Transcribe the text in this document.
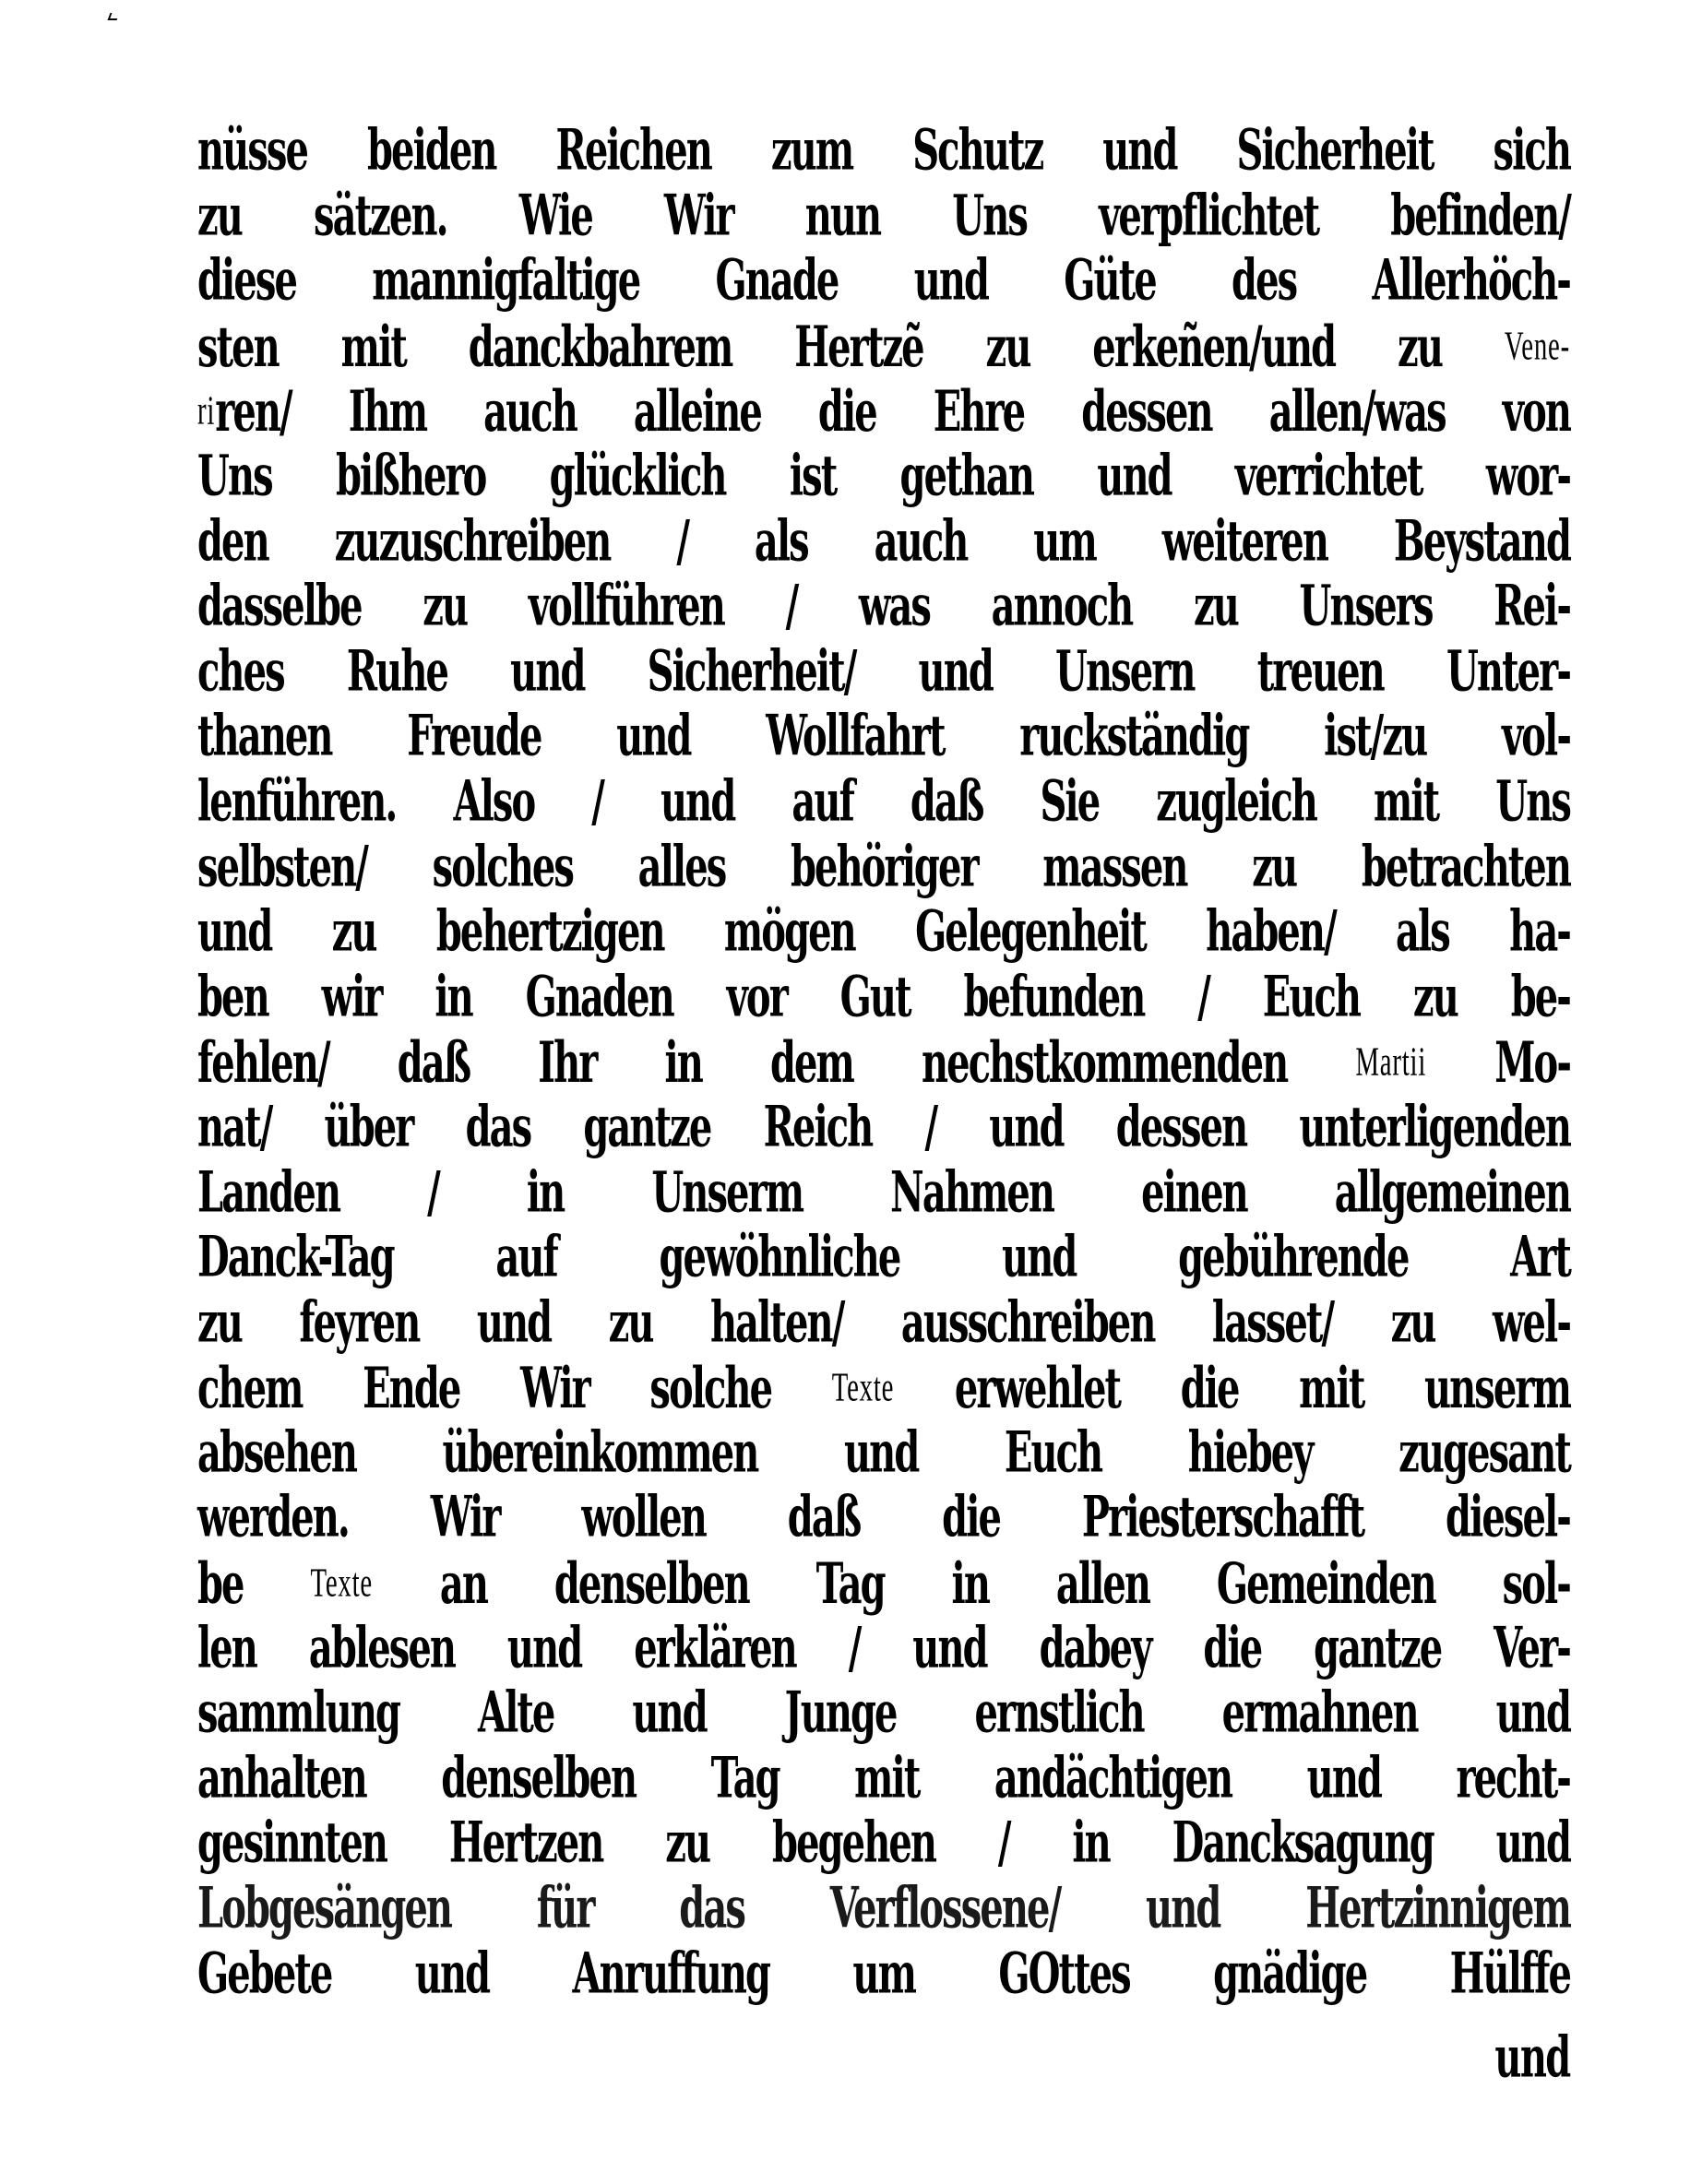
nüsse beiden Reichen zum Schutz und Sicherheit sich
zu sätzen. Wie Wir nun Uns verpflichtet befinden/
diese mannigfaltige Gnade und Güte des Allerhöch-
sten mit danckbahrem Hertzẽ zu erkeñen/und zu Vene-
riren/ Ihm auch alleine die Ehre dessen allen/was von
Uns bißhero glücklich ist gethan und verrichtet wor-
den zuzuschreiben / als auch um weiteren Beystand
dasselbe zu vollführen / was annoch zu Unsers Rei-
ches Ruhe und Sicherheit/ und Unsern treuen Unter-
thanen Freude und Wollfahrt ruckständig ist/zu vol-
lenführen. Also / und auf daß Sie zugleich mit Uns
selbsten/ solches alles behöriger massen zu betrachten
und zu behertzigen mögen Gelegenheit haben/ als ha-
ben wir in Gnaden vor Gut befunden / Euch zu be-
fehlen/ daß Ihr in dem nechstkommenden Martii Mo-
nat/ über das gantze Reich / und dessen unterligenden
Landen / in Unserm Nahmen einen allgemeinen
Danck-Tag auf gewöhnliche und gebührende Art
zu feyren und zu halten/ ausschreiben lasset/ zu wel-
chem Ende Wir solche Texte erwehlet die mit unserm
absehen übereinkommen und Euch hiebey zugesant
werden. Wir wollen daß die Priesterschafft diesel-
be Texte an denselben Tag in allen Gemeinden sol-
len ablesen und erklären / und dabey die gantze Ver-
sammlung Alte und Junge ernstlich ermahnen und
anhalten denselben Tag mit andächtigen und recht-
gesinnten Hertzen zu begehen / in Dancksagung und
Lobgesängen für das Verflossene/ und Hertzinnigem
Gebete und Anruffung um GOttes gnädige Hülffe
und
